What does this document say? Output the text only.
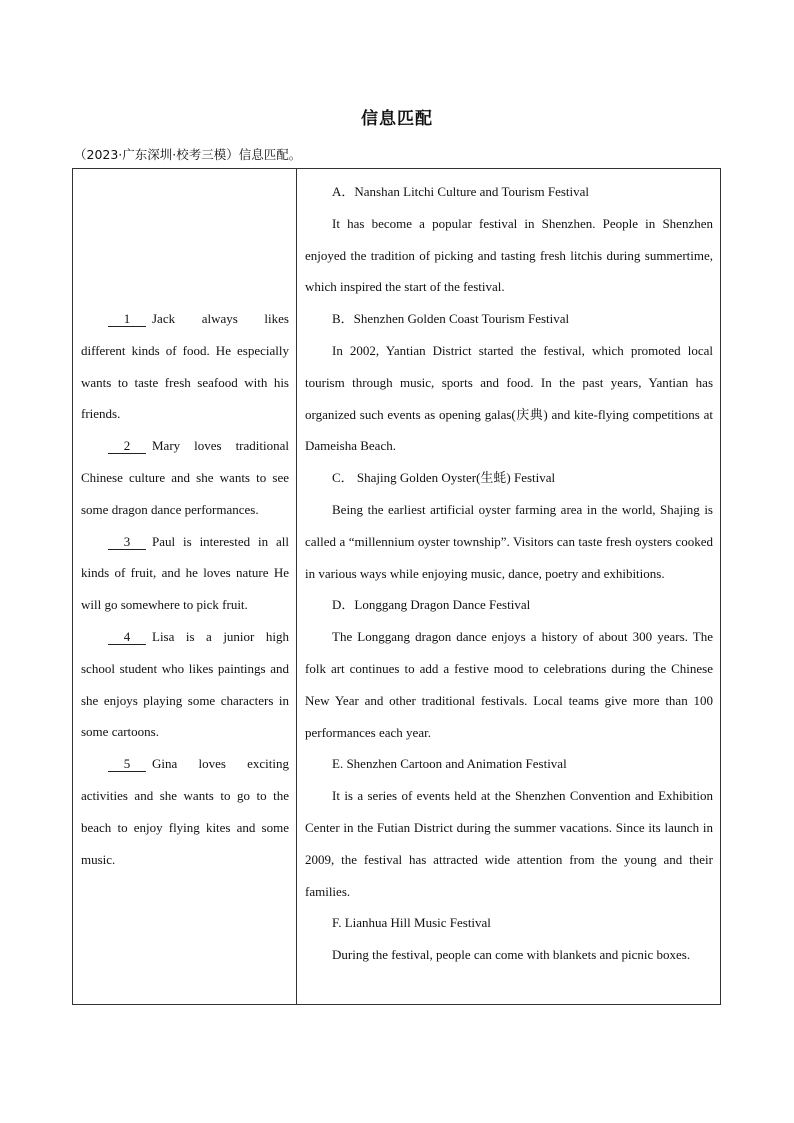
信息匹配
（2023·广东深圳·校考三模）信息匹配。

1 Jack always likes different kinds of food. He especially wants to taste fresh seafood with his friends.

2 Mary loves traditional Chinese culture and she wants to see some dragon dance performances.

3 Paul is interested in all kinds of fruit, and he loves nature He will go somewhere to pick fruit.

4 Lisa is a junior high school student who likes paintings and she enjoys playing some characters in some cartoons.

5 Gina loves exciting activities and she wants to go to the beach to enjoy flying kites and some music.

A．Nanshan Litchi Culture and Tourism Festival

It has become a popular festival in Shenzhen. People in Shenzhen enjoyed the tradition of picking and tasting fresh litchis during summertime, which inspired the start of the festival.

B．Shenzhen Golden Coast Tourism Festival

In 2002, Yantian District started the festival, which promoted local tourism through music, sports and food. In the past years, Yantian has organized such events as opening galas(庆典) and kite-flying competitions at Dameisha Beach.

C． Shajing Golden Oyster(生蚝) Festival

Being the earliest artificial oyster farming area in the world, Shajing is called a “millennium oyster township”. Visitors can taste fresh oysters cooked in various ways while enjoying music, dance, poetry and exhibitions.

D．Longgang Dragon Dance Festival

The Longgang dragon dance enjoys a history of about 300 years. The folk art continues to add a festive mood to celebrations during the Chinese New Year and other traditional festivals. Local teams give more than 100 performances each year.

E. Shenzhen Cartoon and Animation Festival

It is a series of events held at the Shenzhen Convention and Exhibition Center in the Futian District during the summer vacations. Since its launch in 2009, the festival has attracted wide attention from the young and their families.

F. Lianhua Hill Music Festival

During the festival, people can come with blankets and picnic boxes.
